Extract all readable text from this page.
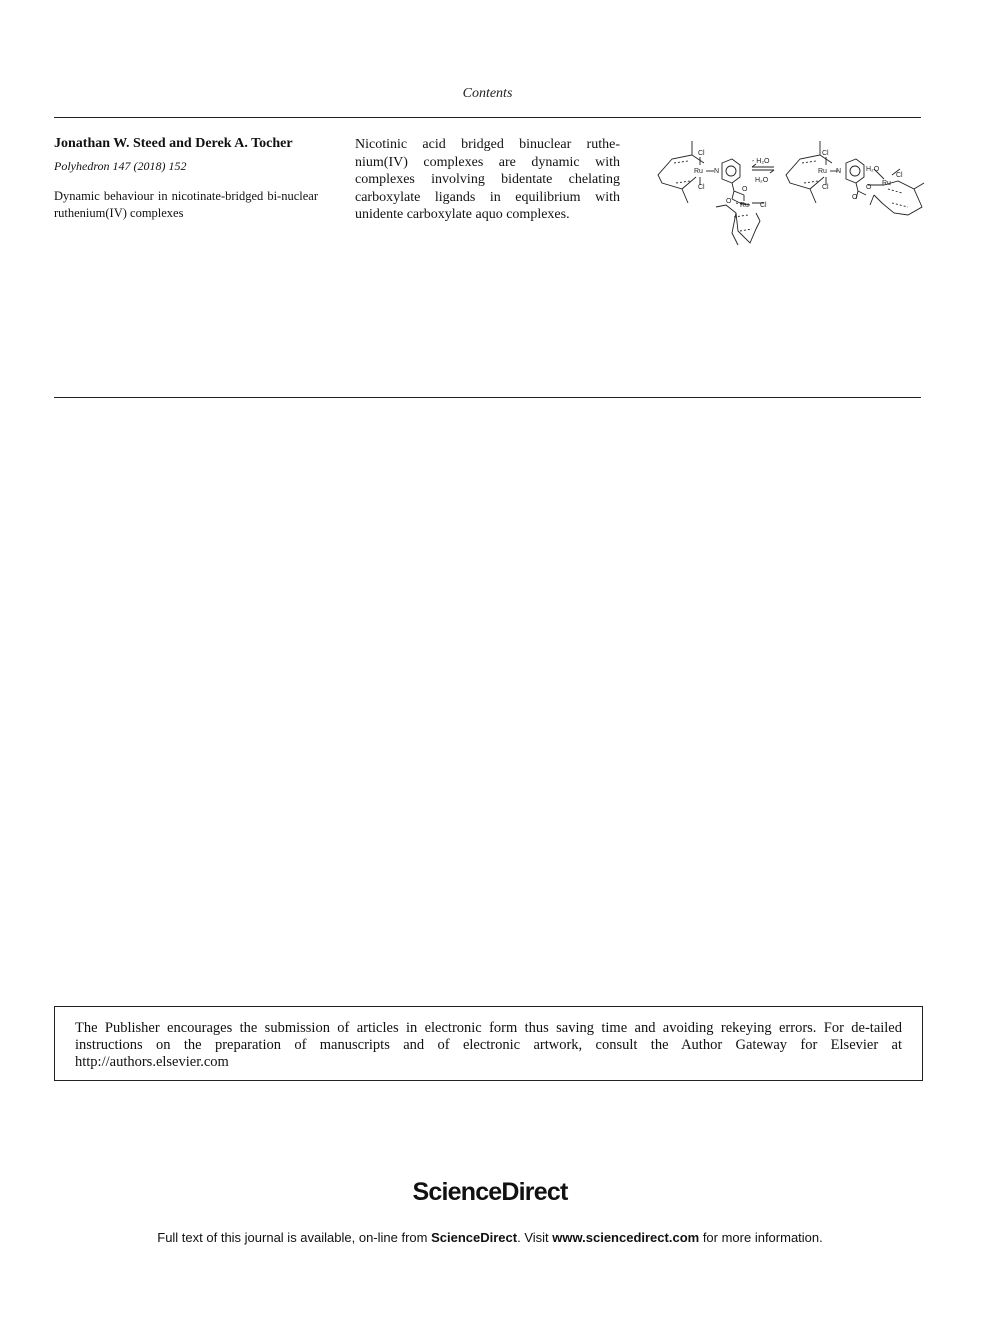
Contents
Jonathan W. Steed and Derek A. Tocher
Polyhedron 147 (2018) 152
Dynamic behaviour in nicotinate-bridged bi-nuclear ruthenium(IV) complexes
Nicotinic acid bridged binuclear ruthe-nium(IV) complexes are dynamic with complexes involving bidentate chelating carboxylate ligands in equilibrium with unidente carboxylate aquo complexes.
Cl
Ru N
Cl	O
O
Ru Cl
- H₂O
H₂O
Cl
Ru N
Cl
H₂O
Cl
Ru
O
O
The Publisher encourages the submission of articles in electronic form thus saving time and avoiding rekeying errors. For de-tailed instructions on the preparation of manuscripts and of electronic artwork, consult the Author Gateway for Elsevier at http://authors.elsevier.com
ScienceDirect
Full text of this journal is available, on-line from ScienceDirect. Visit www.sciencedirect.com for more information.
